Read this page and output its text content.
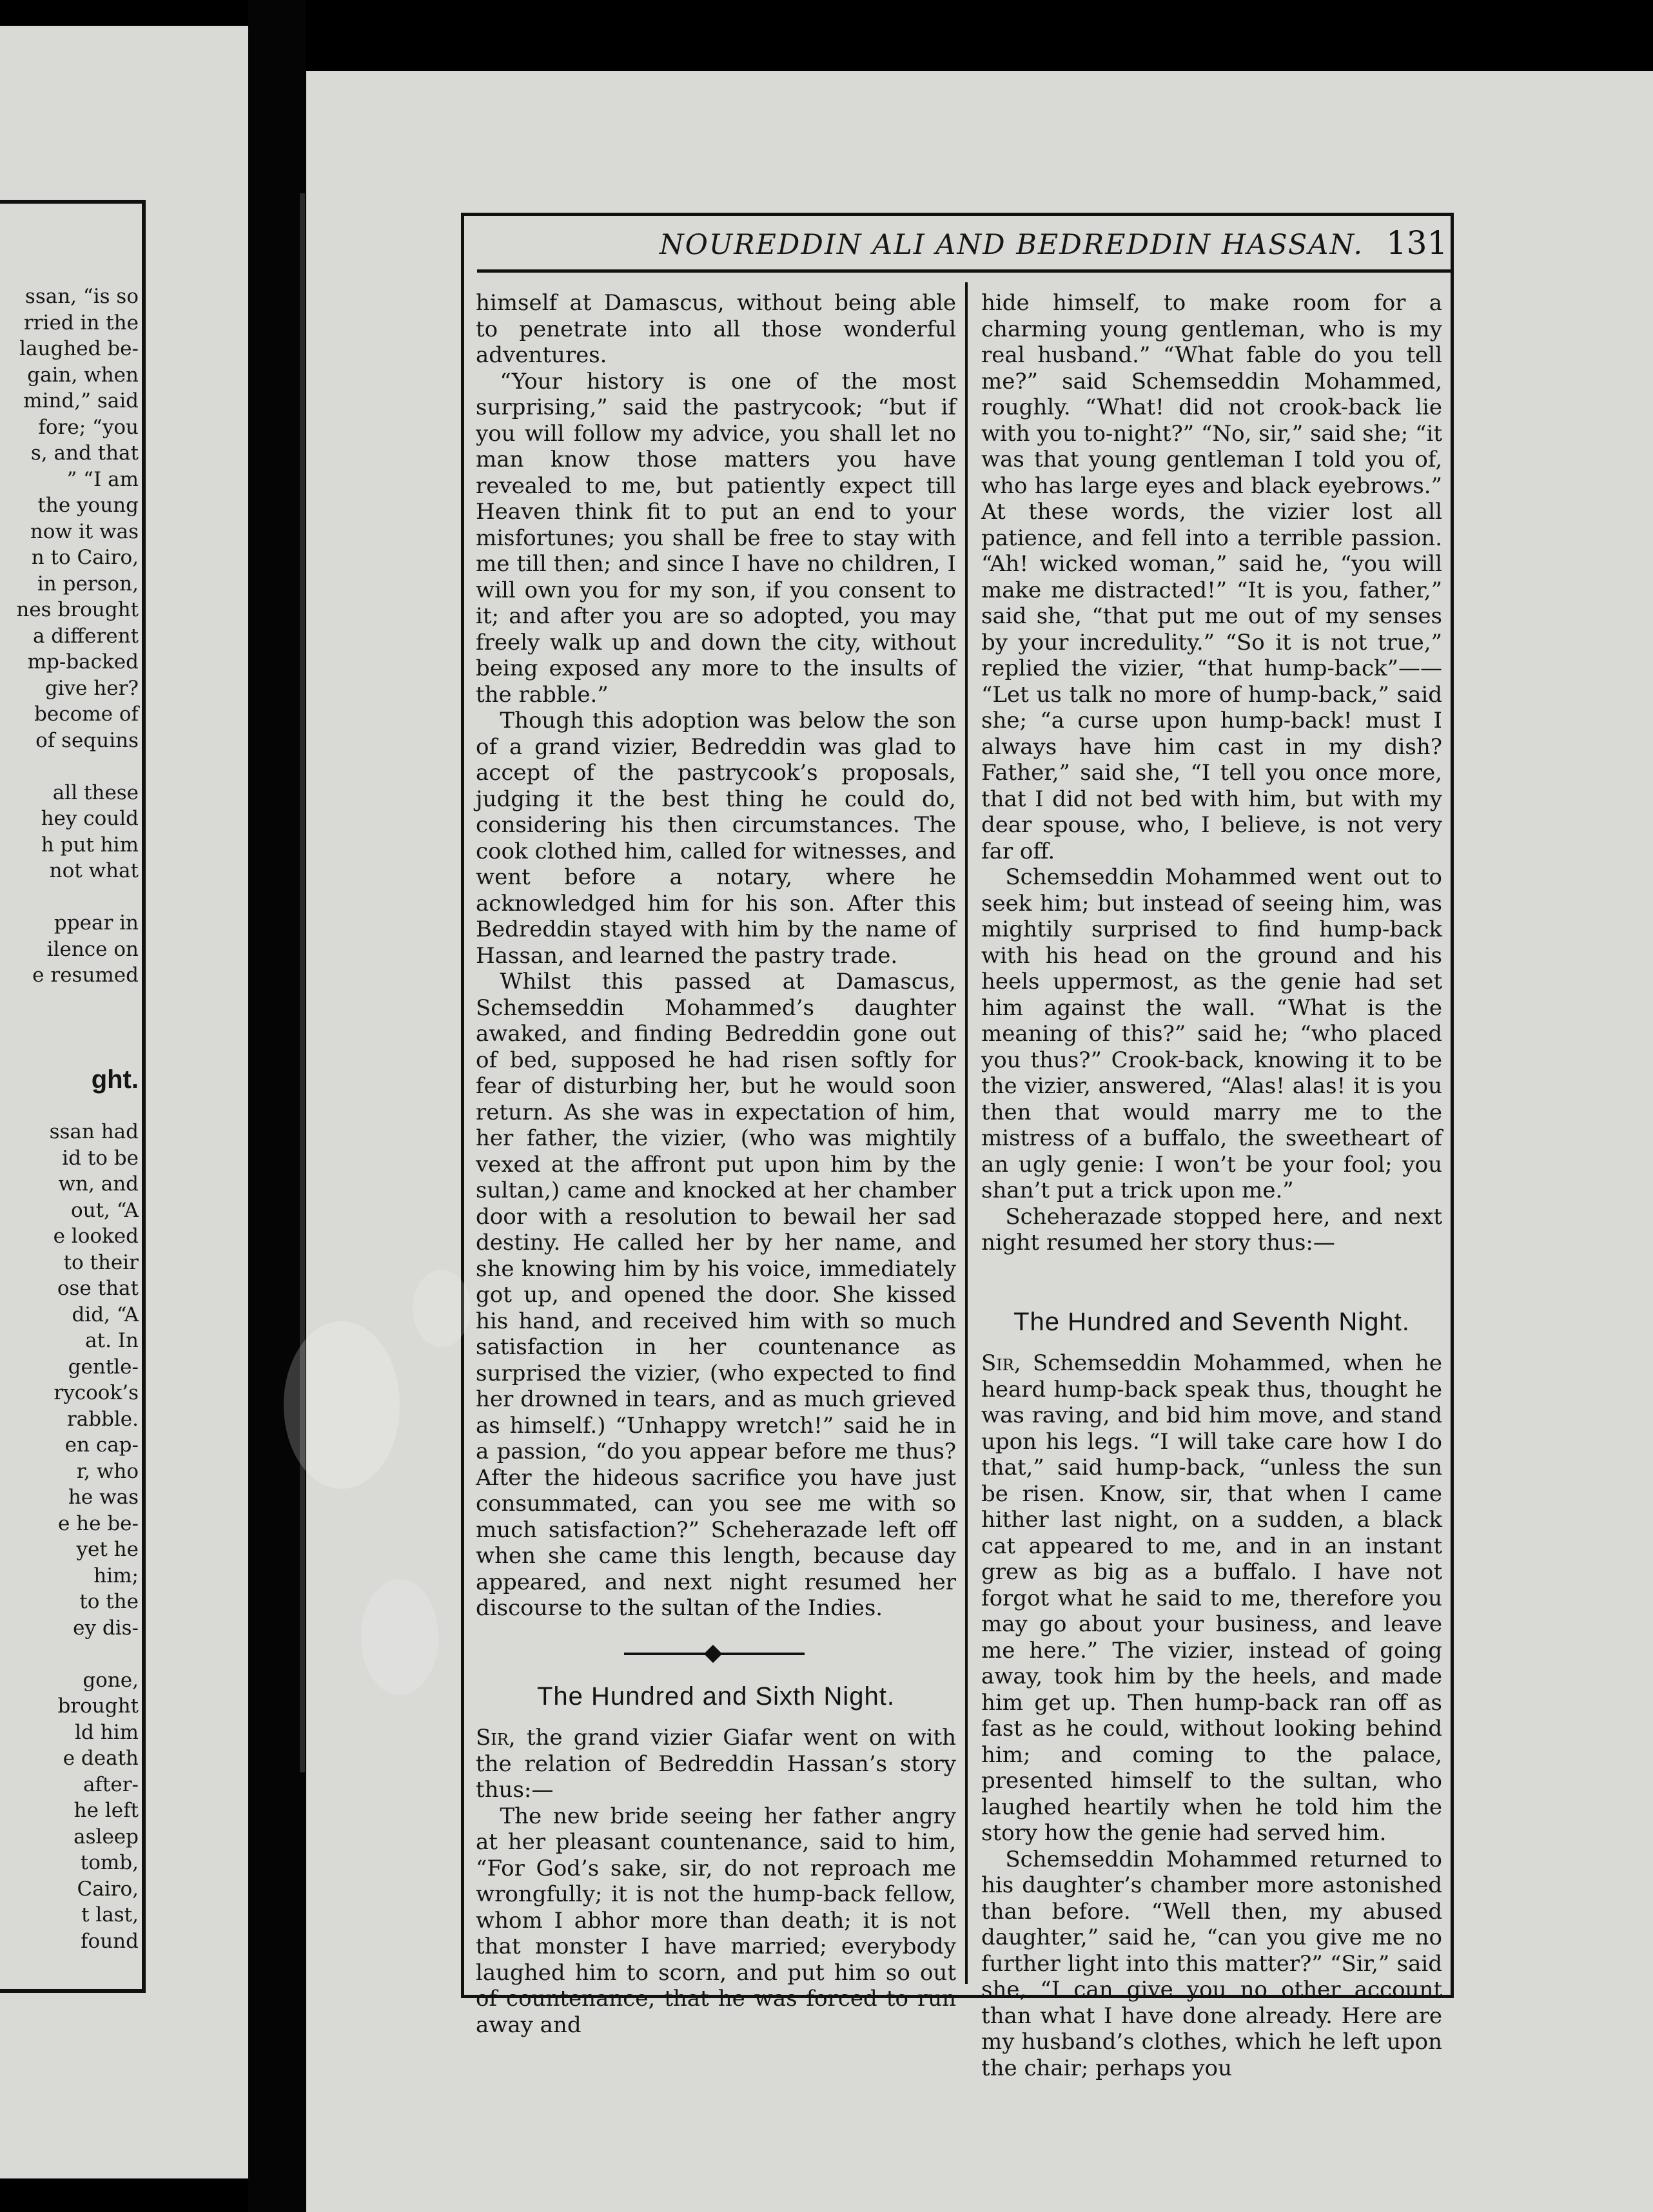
ssan, “is so
rried in the
laughed be-
gain, when
mind,” said
fore; “you
s, and that
” “I am
the young
now it was
n to Cairo,
in person,
nes brought
a different
mp-backed
give her?
become of
of sequins
all these
hey could
h put him
not what
ppear in
ilence on
e resumed
ght.
ssan had
id to be
wn, and
out, “A
e looked
to their
ose that
did, “A
at. In
gentle-
rycook’s
rabble.
en cap-
r, who
he was
e he be-
yet he
him;
to the
ey dis-
gone,
brought
ld him
e death
after-
he left
asleep
tomb,
Cairo,
t last,
found
NOUREDDIN ALI AND BEDREDDIN HASSAN. 131

himself at Damascus, without being able to penetrate into all those wonderful adventures.

“Your history is one of the most surprising,” said the pastrycook; “but if you will follow my advice, you shall let no man know those matters you have revealed to me, but patiently expect till Heaven think fit to put an end to your misfortunes; you shall be free to stay with me till then; and since I have no children, I will own you for my son, if you consent to it; and after you are so adopted, you may freely walk up and down the city, without being exposed any more to the insults of the rabble.”

Though this adoption was below the son of a grand vizier, Bedreddin was glad to accept of the pastrycook’s proposals, judging it the best thing he could do, considering his then circumstances. The cook clothed him, called for witnesses, and went before a notary, where he acknowledged him for his son. After this Bedreddin stayed with him by the name of Hassan, and learned the pastry trade.

Whilst this passed at Damascus, Schemseddin Mohammed’s daughter awaked, and finding Bedreddin gone out of bed, supposed he had risen softly for fear of disturbing her, but he would soon return. As she was in expectation of him, her father, the vizier, (who was mightily vexed at the affront put upon him by the sultan,) came and knocked at her chamber door with a resolution to bewail her sad destiny. He called her by her name, and she knowing him by his voice, immediately got up, and opened the door. She kissed his hand, and received him with so much satisfaction in her countenance as surprised the vizier, (who expected to find her drowned in tears, and as much grieved as himself.) “Unhappy wretch!” said he in a passion, “do you appear before me thus? After the hideous sacrifice you have just consummated, can you see me with so much satisfaction?” Scheherazade left off when she came this length, because day appeared, and next night resumed her discourse to the sultan of the Indies.

The Hundred and Sixth Night.

Sir, the grand vizier Giafar went on with the relation of Bedreddin Hassan’s story thus:—

The new bride seeing her father angry at her pleasant countenance, said to him, “For God’s sake, sir, do not reproach me wrongfully; it is not the hump-back fellow, whom I abhor more than death; it is not that monster I have married; everybody laughed him to scorn, and put him so out of countenance, that he was forced to run away and

hide himself, to make room for a charming young gentleman, who is my real husband.” “What fable do you tell me?” said Schemseddin Mohammed, roughly. “What! did not crook-back lie with you to-night?” “No, sir,” said she; “it was that young gentleman I told you of, who has large eyes and black eyebrows.” At these words, the vizier lost all patience, and fell into a terrible passion. “Ah! wicked woman,” said he, “you will make me distracted!” “It is you, father,” said she, “that put me out of my senses by your incredulity.” “So it is not true,” replied the vizier, “that hump-back”—— “Let us talk no more of hump-back,” said she; “a curse upon hump-back! must I always have him cast in my dish? Father,” said she, “I tell you once more, that I did not bed with him, but with my dear spouse, who, I believe, is not very far off.

Schemseddin Mohammed went out to seek him; but instead of seeing him, was mightily surprised to find hump-back with his head on the ground and his heels uppermost, as the genie had set him against the wall. “What is the meaning of this?” said he; “who placed you thus?” Crook-back, knowing it to be the vizier, answered, “Alas! alas! it is you then that would marry me to the mistress of a buffalo, the sweetheart of an ugly genie: I won’t be your fool; you shan’t put a trick upon me.”

Scheherazade stopped here, and next night resumed her story thus:—

The Hundred and Seventh Night.

Sir, Schemseddin Mohammed, when he heard hump-back speak thus, thought he was raving, and bid him move, and stand upon his legs. “I will take care how I do that,” said hump-back, “unless the sun be risen. Know, sir, that when I came hither last night, on a sudden, a black cat appeared to me, and in an instant grew as big as a buffalo. I have not forgot what he said to me, therefore you may go about your business, and leave me here.” The vizier, instead of going away, took him by the heels, and made him get up. Then hump-back ran off as fast as he could, without looking behind him; and coming to the palace, presented himself to the sultan, who laughed heartily when he told him the story how the genie had served him.

Schemseddin Mohammed returned to his daughter’s chamber more astonished than before. “Well then, my abused daughter,” said he, “can you give me no further light into this matter?” “Sir,” said she, “I can give you no other account than what I have done already. Here are my husband’s clothes, which he left upon the chair; perhaps you
